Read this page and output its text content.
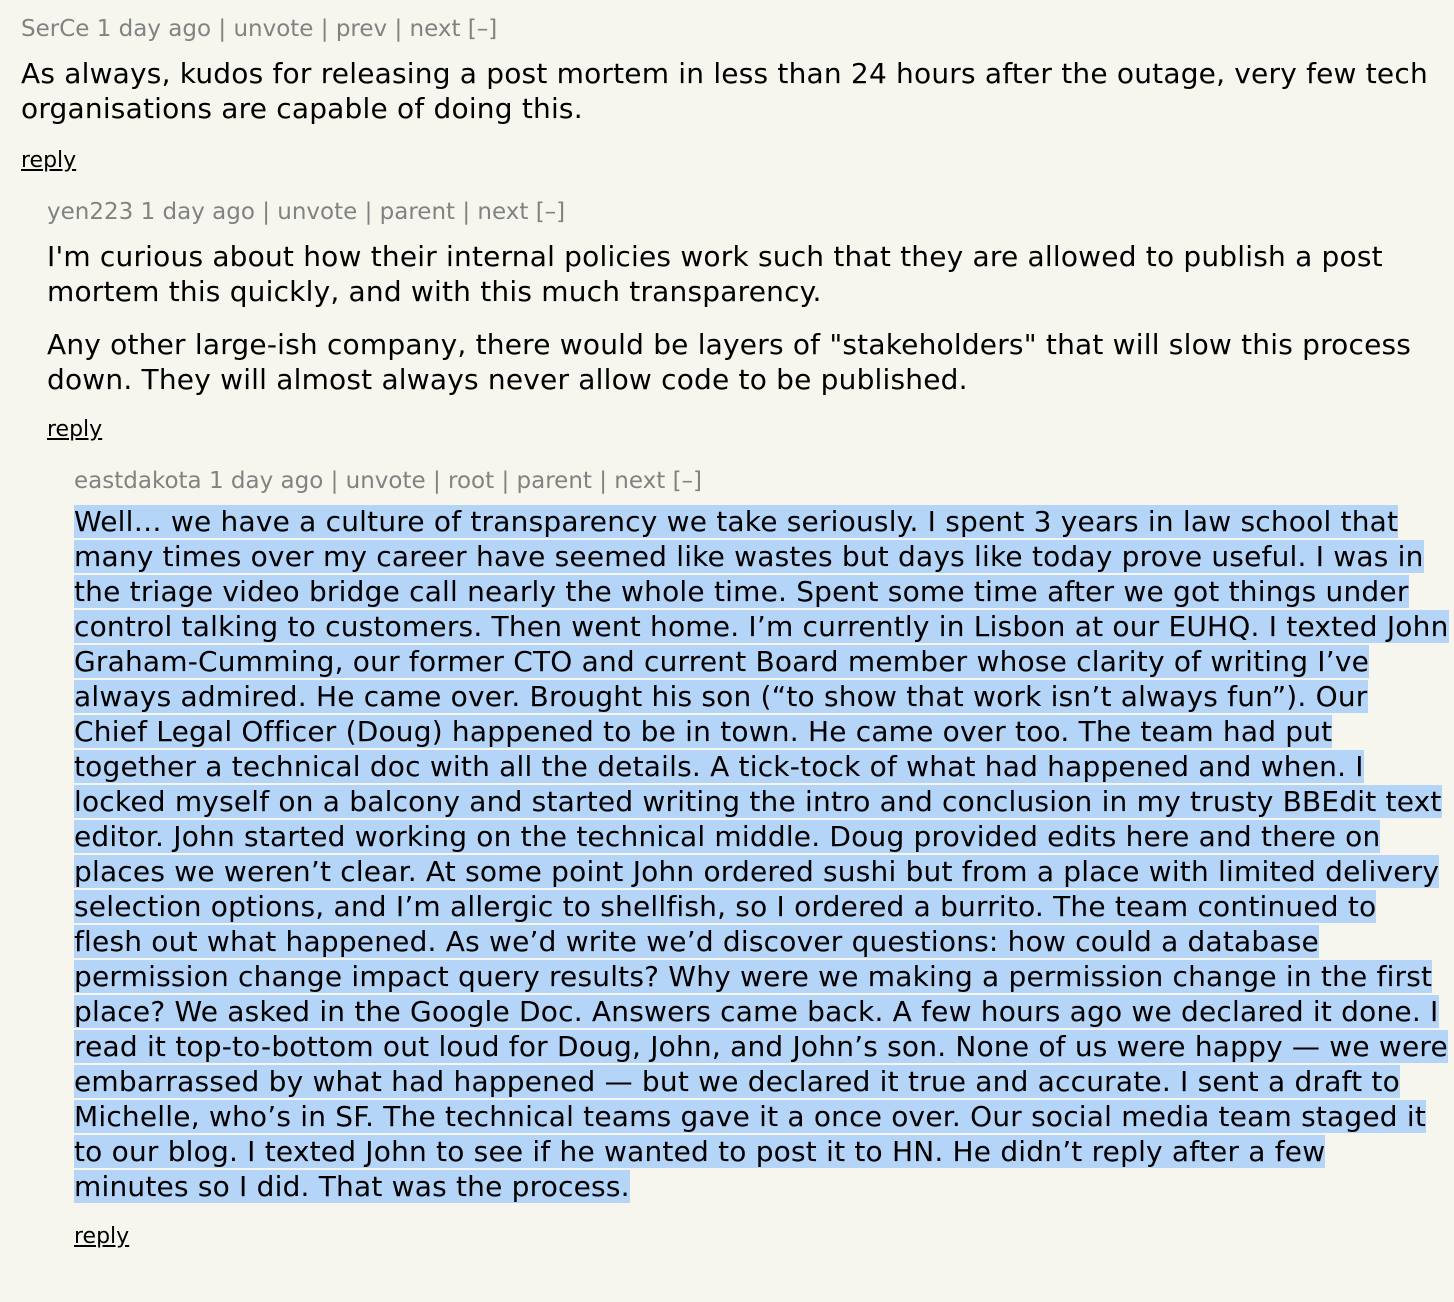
SerCe 1 day ago | unvote | prev | next [–]

As always, kudos for releasing a post mortem in less than 24 hours after the outage, very few tech organisations are capable of doing this.

reply
yen223 1 day ago | unvote | parent | next [–]

I'm curious about how their internal policies work such that they are allowed to publish a post mortem this quickly, and with this much transparency.

Any other large-ish company, there would be layers of "stakeholders" that will slow this process down. They will almost always never allow code to be published.

reply
eastdakota 1 day ago | unvote | root | parent | next [–]

Well… we have a culture of transparency we take seriously. I spent 3 years in law school that many times over my career have seemed like wastes but days like today prove useful. I was in the triage video bridge call nearly the whole time. Spent some time after we got things under control talking to customers. Then went home. I’m currently in Lisbon at our EUHQ. I texted John Graham-Cumming, our former CTO and current Board member whose clarity of writing I’ve always admired. He came over. Brought his son (“to show that work isn’t always fun”). Our Chief Legal Officer (Doug) happened to be in town. He came over too. The team had put together a technical doc with all the details. A tick-tock of what had happened and when. I locked myself on a balcony and started writing the intro and conclusion in my trusty BBEdit text editor. John started working on the technical middle. Doug provided edits here and there on places we weren’t clear. At some point John ordered sushi but from a place with limited delivery selection options, and I’m allergic to shellfish, so I ordered a burrito. The team continued to flesh out what happened. As we’d write we’d discover questions: how could a database permission change impact query results? Why were we making a permission change in the first place? We asked in the Google Doc. Answers came back. A few hours ago we declared it done. I read it top-to-bottom out loud for Doug, John, and John’s son. None of us were happy — we were embarrassed by what had happened — but we declared it true and accurate. I sent a draft to Michelle, who’s in SF. The technical teams gave it a once over. Our social media team staged it to our blog. I texted John to see if he wanted to post it to HN. He didn’t reply after a few minutes so I did. That was the process.

reply
